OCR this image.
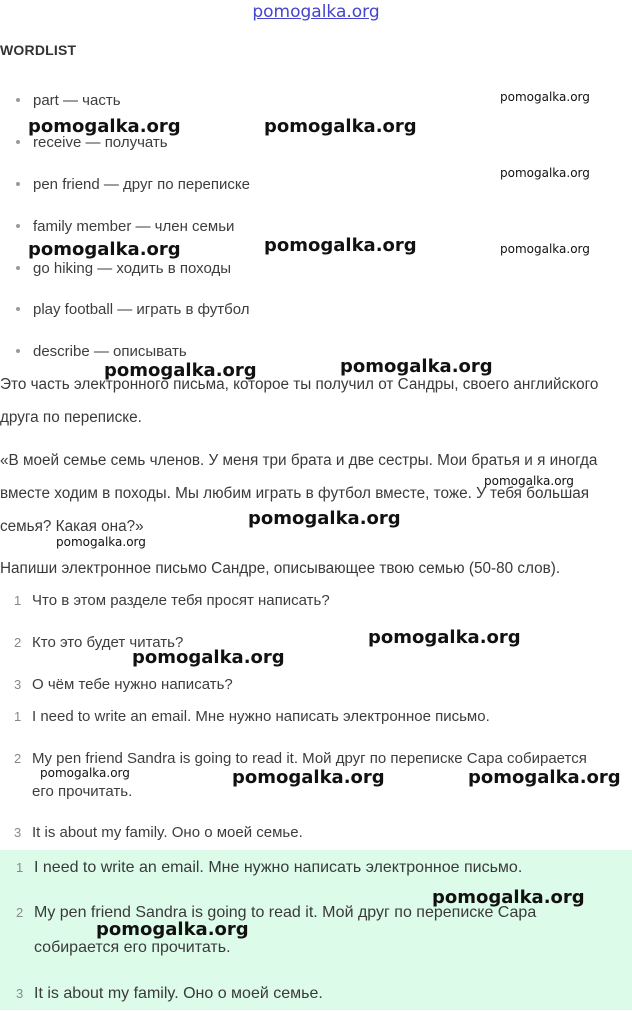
pomogalka.org
WORDLIST
part — часть
receive — получать
pen friend — друг по переписке
family member — член семьи
go hiking — ходить в походы
play football — играть в футбол
describe — описывать

Это часть электронного письма, которое ты получил от Сандры, своего английского друга по переписке.

«В моей семье семь членов. У меня три брата и две сестры. Мои братья и я иногда вместе ходим в походы. Мы любим играть в футбол вместе, тоже. У тебя большая семья? Какая она?»

Напиши электронное письмо Сандре, описывающее твою семью (50-80 слов).

1 Что в этом разделе тебя просят написать?
2 Кто это будет читать?
3 О чём тебе нужно написать?
1 I need to write an email. Мне нужно написать электронное письмо.
2 My pen friend Sandra is going to read it. Мой друг по переписке Сара собирается его прочитать.
3 It is about my family. Оно о моей семье.
1 I need to write an email. Мне нужно написать электронное письмо.
2 My pen friend Sandra is going to read it. Мой друг по переписке Сара собирается его прочитать.
3 It is about my family. Оно о моей семье.
pomogalka.org
pomogalka.org	pomogalka.org
pomogalka.org
pomogalka.org	pomogalka.org	pomogalka.org
pomogalka.org	pomogalka.org
pomogalka.org
pomogalka.org
pomogalka.org
pomogalka.org
pomogalka.org
pomogalka.org	pomogalka.org	pomogalka.org
pomogalka.org
pomogalka.org
